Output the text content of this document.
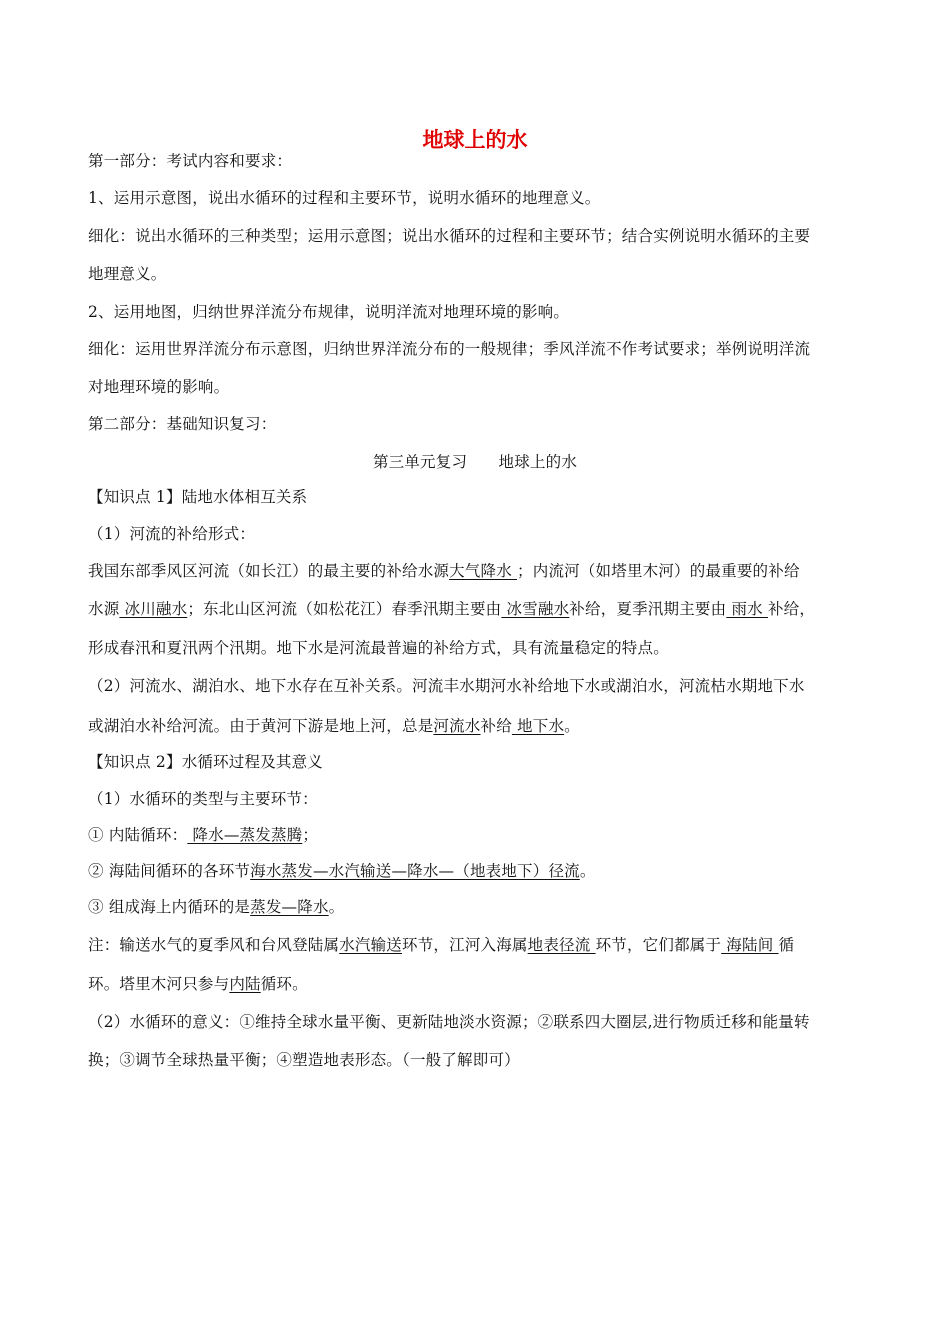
地球上的水
第一部分：考试内容和要求：
1、运用示意图，说出水循环的过程和主要环节，说明水循环的地理意义。
细化：说出水循环的三种类型；运用示意图；说出水循环的过程和主要环节；结合实例说明水循环的主要
地理意义。
2、运用地图，归纳世界洋流分布规律，说明洋流对地理环境的影响。
细化：运用世界洋流分布示意图，归纳世界洋流分布的一般规律；季风洋流不作考试要求；举例说明洋流
对地理环境的影响。
第二部分：基础知识复习：
第三单元复习　　地球上的水
【知识点 1】陆地水体相互关系
（1）河流的补给形式：
我国东部季风区河流（如长江）的最主要的补给水源大气降水 ；内流河（如塔里木河）的最重要的补给
水源 冰川融水；东北山区河流（如松花江）春季汛期主要由 冰雪融水补给，夏季汛期主要由 雨水 补给，
形成春汛和夏汛两个汛期。地下水是河流最普遍的补给方式，具有流量稳定的特点。
（2）河流水、湖泊水、地下水存在互补关系。河流丰水期河水补给地下水或湖泊水，河流枯水期地下水
或湖泊水补给河流。由于黄河下游是地上河，总是河流水补给 地下水。
【知识点 2】水循环过程及其意义
（1）水循环的类型与主要环节：
① 内陆循环： 降水—蒸发蒸腾；
② 海陆间循环的各环节海水蒸发—水汽输送—降水—（地表地下）径流。
③ 组成海上内循环的是蒸发—降水。
注：输送水气的夏季风和台风登陆属水汽输送环节，江河入海属地表径流 环节，它们都属于 海陆间 循
环。塔里木河只参与内陆循环。
（2）水循环的意义：①维持全球水量平衡、更新陆地淡水资源；②联系四大圈层,进行物质迁移和能量转
换；③调节全球热量平衡；④塑造地表形态。（一般了解即可）
